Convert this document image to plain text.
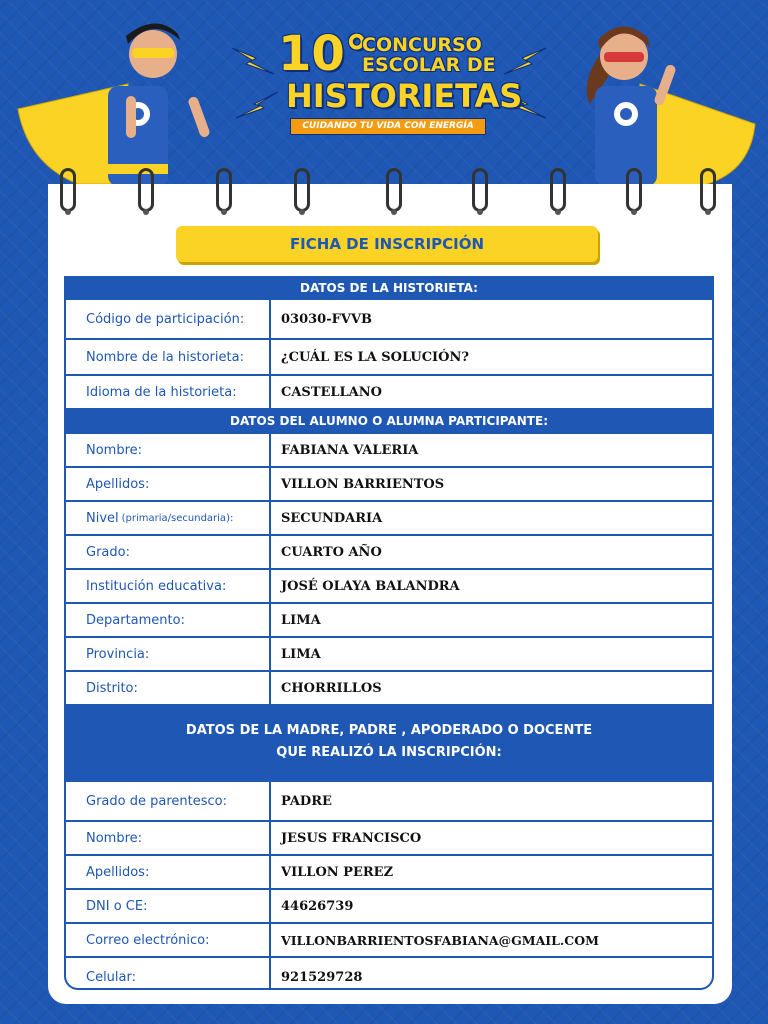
10°
CONCURSO
ESCOLAR DE
HISTORIETAS
CUIDANDO TU VIDA CON ENERGÍA
FICHA DE INSCRIPCIÓN
DATOS DE LA HISTORIETA:
Código de participación:	03030-FVVB
Nombre de la historieta:	¿CUÁL ES LA SOLUCIÓN?
Idioma de la historieta:	CASTELLANO
DATOS DEL ALUMNO O ALUMNA PARTICIPANTE:
Nombre:	FABIANA VALERIA
Apellidos:	VILLON BARRIENTOS
Nivel (primaria/secundaria):	SECUNDARIA
Grado:	CUARTO AÑO
Institución educativa:	JOSÉ OLAYA BALANDRA
Departamento:	LIMA
Provincia:	LIMA
Distrito:	CHORRILLOS
DATOS DE LA MADRE, PADRE , APODERADO O DOCENTE
QUE REALIZÓ LA INSCRIPCIÓN:
Grado de parentesco:	PADRE
Nombre:	JESUS FRANCISCO
Apellidos:	VILLON PEREZ
DNI o CE:	44626739
Correo electrónico:	VILLONBARRIENTOSFABIANA@GMAIL.COM
Celular:	921529728
